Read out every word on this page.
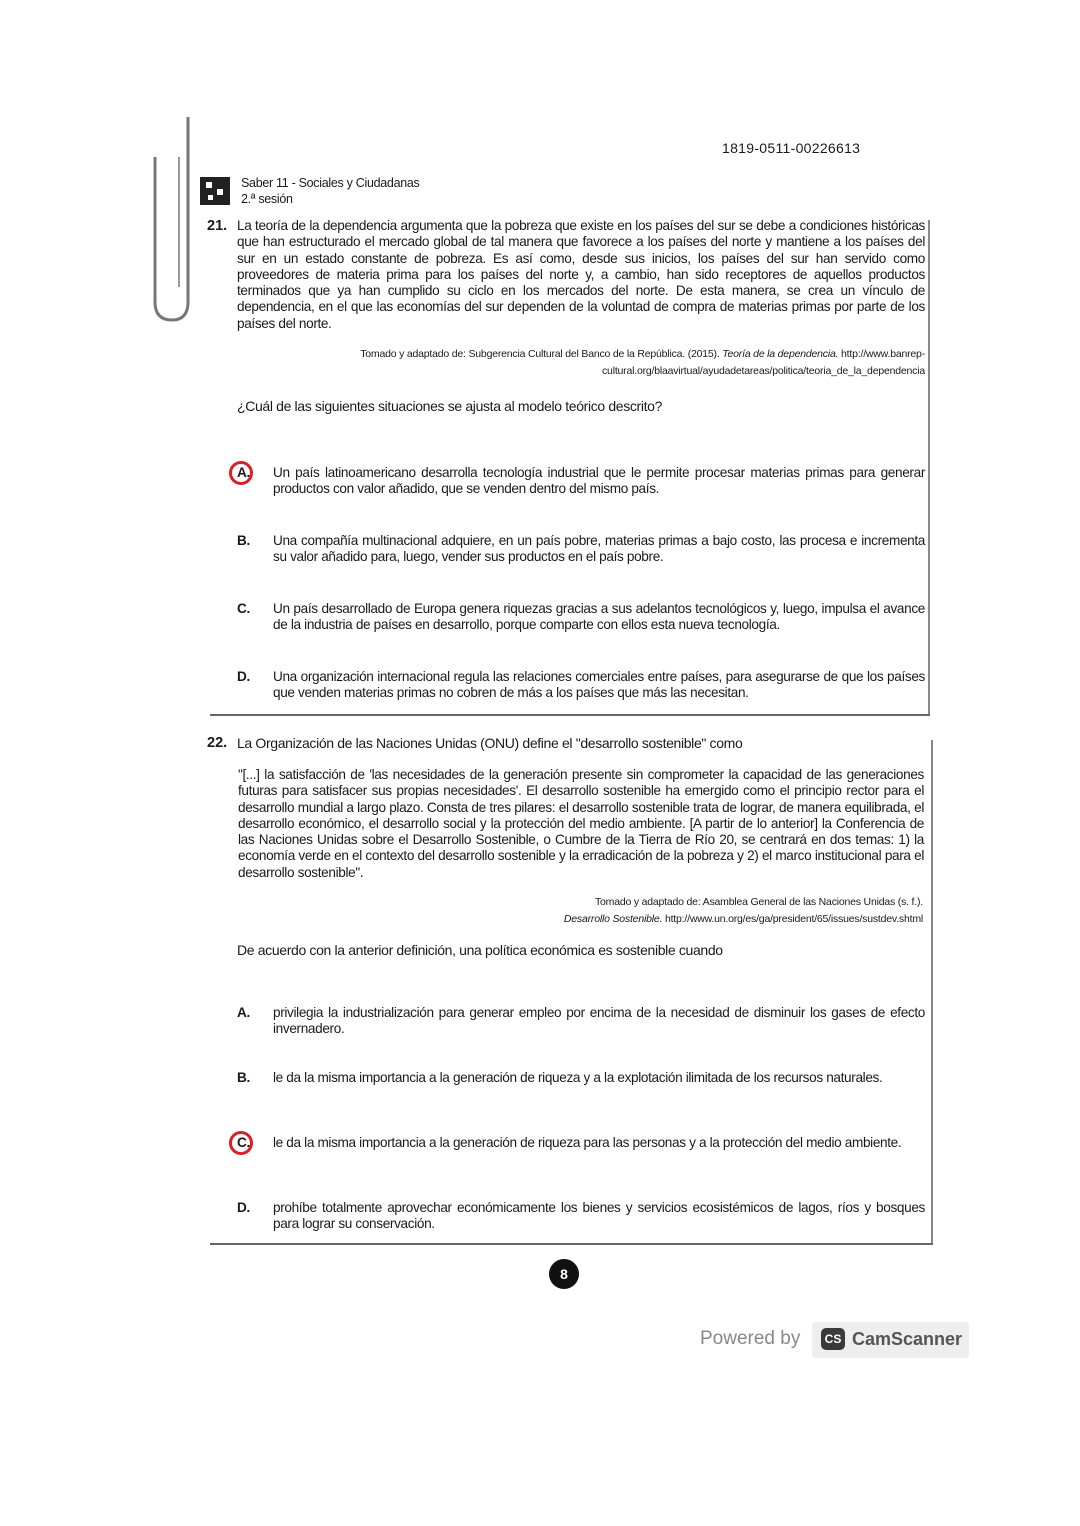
1819-0511-00226613
Saber 11 - Sociales y Ciudadanas
2.ª sesión
21. La teoría de la dependencia argumenta que la pobreza que existe en los países del sur se debe a condiciones históricas que han estructurado el mercado global de tal manera que favorece a los países del norte y mantiene a los países del sur en un estado constante de pobreza. Es así como, desde sus inicios, los países del sur han servido como proveedores de materia prima para los países del norte y, a cambio, han sido receptores de aquellos productos terminados que ya han cumplido su ciclo en los mercados del norte. De esta manera, se crea un vínculo de dependencia, en el que las economías del sur dependen de la voluntad de compra de materias primas por parte de los países del norte.
Tomado y adaptado de: Subgerencia Cultural del Banco de la República. (2015). Teoría de la dependencia. http://www.banrep-cultural.org/blaavirtual/ayudadetareas/politica/teoria_de_la_dependencia
¿Cuál de las siguientes situaciones se ajusta al modelo teórico descrito?
A. Un país latinoamericano desarrolla tecnología industrial que le permite procesar materias primas para generar productos con valor añadido, que se venden dentro del mismo país.
B. Una compañía multinacional adquiere, en un país pobre, materias primas a bajo costo, las procesa e incrementa su valor añadido para, luego, vender sus productos en el país pobre.
C. Un país desarrollado de Europa genera riquezas gracias a sus adelantos tecnológicos y, luego, impulsa el avance de la industria de países en desarrollo, porque comparte con ellos esta nueva tecnología.
D. Una organización internacional regula las relaciones comerciales entre países, para asegurarse de que los países que venden materias primas no cobren de más a los países que más las necesitan.
22. La Organización de las Naciones Unidas (ONU) define el "desarrollo sostenible" como
"[...] la satisfacción de 'las necesidades de la generación presente sin comprometer la capacidad de las generaciones futuras para satisfacer sus propias necesidades'. El desarrollo sostenible ha emergido como el principio rector para el desarrollo mundial a largo plazo. Consta de tres pilares: el desarrollo sostenible trata de lograr, de manera equilibrada, el desarrollo económico, el desarrollo social y la protección del medio ambiente. [A partir de lo anterior] la Conferencia de las Naciones Unidas sobre el Desarrollo Sostenible, o Cumbre de la Tierra de Río 20, se centrará en dos temas: 1) la economía verde en el contexto del desarrollo sostenible y la erradicación de la pobreza y 2) el marco institucional para el desarrollo sostenible".
Tomado y adaptado de: Asamblea General de las Naciones Unidas (s. f.).
Desarrollo Sostenible. http://www.un.org/es/ga/president/65/issues/sustdev.shtml
De acuerdo con la anterior definición, una política económica es sostenible cuando
A. privilegia la industrialización para generar empleo por encima de la necesidad de disminuir los gases de efecto invernadero.
B. le da la misma importancia a la generación de riqueza y a la explotación ilimitada de los recursos naturales.
C. le da la misma importancia a la generación de riqueza para las personas y a la protección del medio ambiente.
D. prohíbe totalmente aprovechar económicamente los bienes y servicios ecosistémicos de lagos, ríos y bosques para lograr su conservación.
8
Powered by	CS CamScanner
